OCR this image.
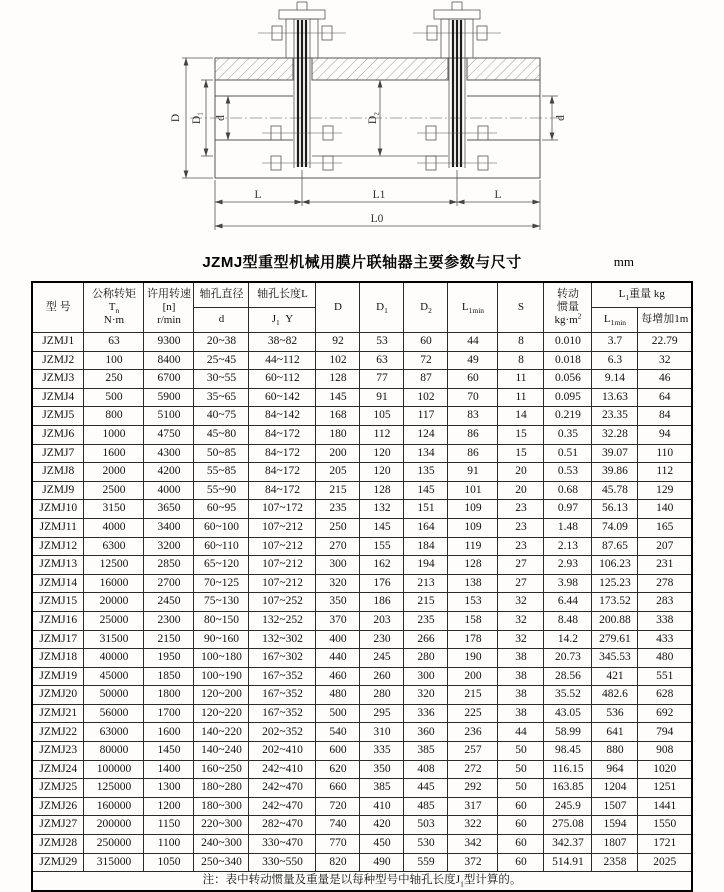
D D₁ d	D₂	d
L	L1	L
L0
JZMJ型重型机械用膜片联轴器主要参数与尺寸	mm
型 号	公称转矩
$T_n$
N·m	许用转速
[n]
r/min	轴孔直径	轴孔长度L	D	$D_1$	$D_2$	$L_{1min}$	S	转动
惯量
$kg\cdot m^2$	$L_1$重量 kg	
			d	$J_1$  Y							$L_{1min}$	每增加1m
JZMJ1	63	9300	20~38	38~82	92	53	60	44	8	0.010	3.7	22.79
JZMJ2	100	8400	25~45	44~112	102	63	72	49	8	0.018	6.3	32
JZMJ3	250	6700	30~55	60~112	128	77	87	60	11	0.056	9.14	46
JZMJ4	500	5900	35~65	60~142	145	91	102	70	11	0.095	13.63	64
JZMJ5	800	5100	40~75	84~142	168	105	117	83	14	0.219	23.35	84
JZMJ6	1000	4750	45~80	84~172	180	112	124	86	15	0.35	32.28	94
JZMJ7	1600	4300	50~85	84~172	200	120	134	86	15	0.51	39.07	110
JZMJ8	2000	4200	55~85	84~172	205	120	135	91	20	0.53	39.86	112
JZMJ9	2500	4000	55~90	84~172	215	128	145	101	20	0.68	45.78	129
JZMJ10	3150	3650	60~95	107~172	235	132	151	109	23	0.97	56.13	140
JZMJ11	4000	3400	60~100	107~212	250	145	164	109	23	1.48	74.09	165
JZMJ12	6300	3200	60~110	107~212	270	155	184	119	23	2.13	87.65	207
JZMJ13	12500	2850	65~120	107~212	300	162	194	128	27	2.93	106.23	231
JZMJ14	16000	2700	70~125	107~212	320	176	213	138	27	3.98	125.23	278
JZMJ15	20000	2450	75~130	107~252	350	186	215	153	32	6.44	173.52	283
JZMJ16	25000	2300	80~150	132~252	370	203	235	158	32	8.48	200.88	338
JZMJ17	31500	2150	90~160	132~302	400	230	266	178	32	14.2	279.61	433
JZMJ18	40000	1950	100~180	167~302	440	245	280	190	38	20.73	345.53	480
JZMJ19	45000	1850	100~190	167~352	460	260	300	200	38	28.56	421	551
JZMJ20	50000	1800	120~200	167~352	480	280	320	215	38	35.52	482.6	628
JZMJ21	56000	1700	120~220	167~352	500	295	336	225	38	43.05	536	692
JZMJ22	63000	1600	140~220	202~352	540	310	360	236	44	58.99	641	794
JZMJ23	80000	1450	140~240	202~410	600	335	385	257	50	98.45	880	908
JZMJ24	100000	1400	160~250	242~410	620	350	408	272	50	116.15	964	1020
JZMJ25	125000	1300	180~280	242~470	660	385	445	292	50	163.85	1204	1251
JZMJ26	160000	1200	180~300	242~470	720	410	485	317	60	245.9	1507	1441
JZMJ27	200000	1150	220~300	282~470	740	420	503	322	60	275.08	1594	1550
JZMJ28	250000	1100	240~300	330~470	770	450	530	342	60	342.37	1807	1721
JZMJ29	315000	1050	250~340	330~550	820	490	559	372	60	514.91	2358	2025
注：表中转动惯量及重量是以每种型号中轴孔长度$J_1$型计算的。												
